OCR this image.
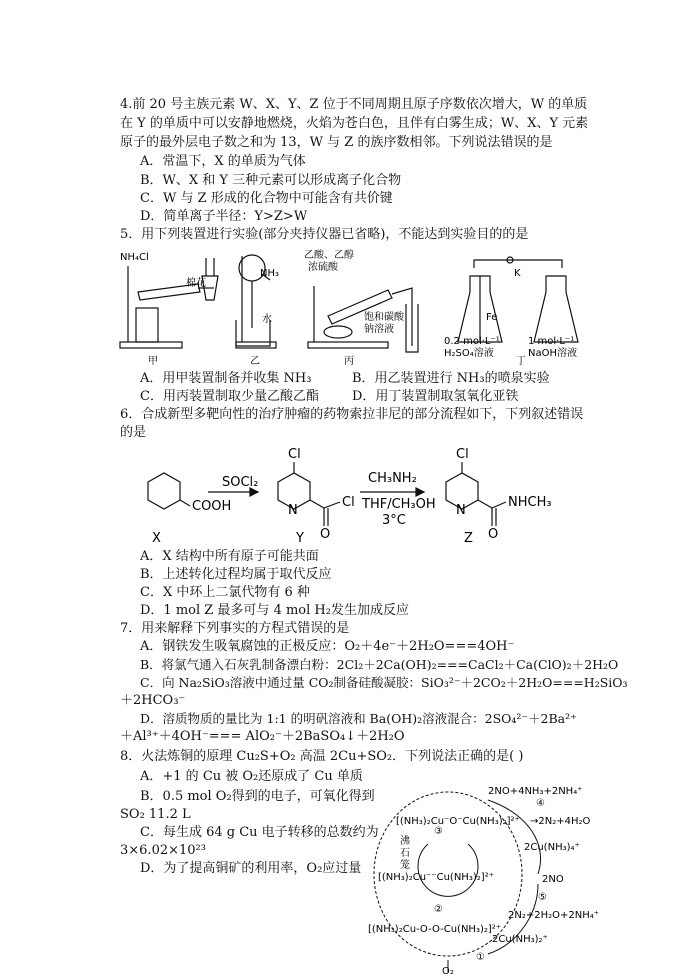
4.前 20 号主族元素 W、X、Y、Z 位于不同周期且原子序数依次增大，W 的单质
在 Y 的单质中可以安静地燃烧，火焰为苍白色，且伴有白雾生成；W、X、Y 元素
原子的最外层电子数之和为 13，W 与 Z 的族序数相邻。下列说法错误的是
A．常温下，X 的单质为气体
B．W、X 和 Y 三种元素可以形成离子化合物
C．W 与 Z 形成的化合物中可能含有共价键
D．简单离子半径：Y>Z>W
5．用下列装置进行实验(部分夹持仪器已省略)，不能达到实验目的的是
NH₄Cl
棉花
NH₃
水
乙酸、乙醇
浓硫酸
饱和碳酸
钠溶液
K
Fe
0.2 mol·L⁻¹
H₂SO₄溶液
1 mol·L⁻¹
NaOH溶液
甲	乙	丙	丁
A．用甲装置制备并收集 NH₃	B．用乙装置进行 NH₃的喷泉实验
C．用丙装置制取少量乙酸乙酯	D．用丁装置制取氢氧化亚铁
6．合成新型多靶向性的治疗肿瘤的药物索拉非尼的部分流程如下，下列叙述错误
的是
COOH
SOCl₂
Cl
N
O
Cl
CH₃NH₂
THF/CH₃OH
3°C
Cl
N
O
NHCH₃
X	Y	Z
A．X 结构中所有原子可能共面
B．上述转化过程均属于取代反应
C．X 中环上二氯代物有 6 种
D．1 mol Z 最多可与 4 mol H₂发生加成反应
7．用来解释下列事实的方程式错误的是
A．钢铁发生吸氧腐蚀的正极反应：O₂＋4e⁻＋2H₂O===4OH⁻
B．将氯气通入石灰乳制备漂白粉：2Cl₂＋2Ca(OH)₂===CaCl₂＋Ca(ClO)₂＋2H₂O
C．向 Na₂SiO₃溶液中通过量 CO₂制备硅酸凝胶：SiO₃²⁻＋2CO₂＋2H₂O===H₂SiO₃
＋2HCO₃⁻
D．溶质物质的量比为 1:1 的明矾溶液和 Ba(OH)₂溶液混合：2SO₄²⁻＋2Ba²⁺
＋Al³⁺＋4OH⁻=== AlO₂⁻＋2BaSO₄↓＋2H₂O
8．火法炼铜的原理 Cu₂S+O₂ 高温 2Cu+SO₂．下列说法正确的是( )
A．+1 的 Cu 被 O₂还原成了 Cu 单质
B．0.5 mol O₂得到的电子，可氧化得到
SO₂ 11.2 L
C．每生成 64 g Cu 电子转移的总数约为
3×6.02×10²³
D．为了提高铜矿的利用率，O₂应过量
2NO+4NH₃+2NH₄⁺
[(NH₃)₂Cu⁻O⁻Cu(NH₃)₂]²⁺ →2N₂+4H₂O
沸
石
笼
2Cu(NH₃)₄⁺
[(NH₃)₂Cu⁻⁻Cu(NH₃)₂]²⁺	2NO
2N₂+2H₂O+2NH₄⁺
[(NH₃)₂Cu-O-O-Cu(NH₃)₂]²⁺
2Cu(NH₃)₂⁺
O₂
④
③
②
⑤
①
